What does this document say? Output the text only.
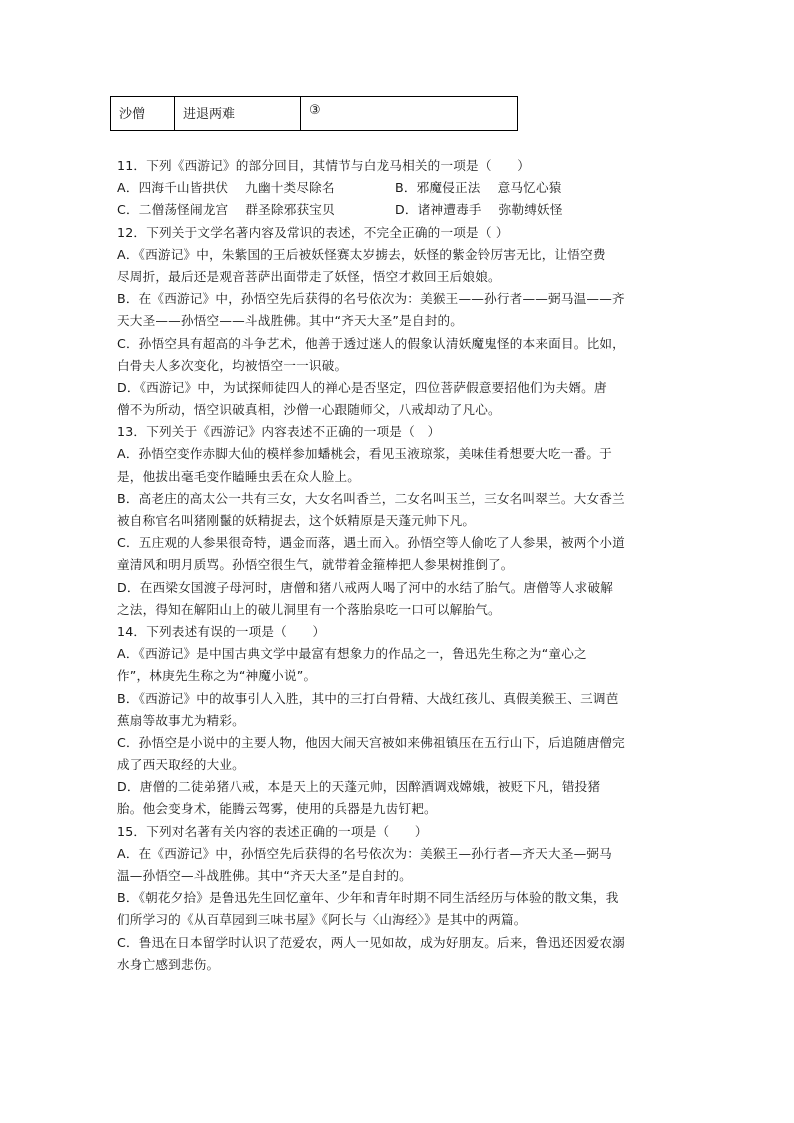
沙僧	进退两难	③
11．下列《西游记》的部分回目，其情节与白龙马相关的一项是（　　）
A．四海千山皆拱伏　 九幽十类尽除名	B．邪魔侵正法　 意马忆心猿
C．二僧荡怪闹龙宫　 群圣除邪获宝贝	D．诸神遭毒手　 弥勒缚妖怪
12．下列关于文学名著内容及常识的表述，不完全正确的一项是（ ）
A．《西游记》中，朱紫国的王后被妖怪赛太岁掳去，妖怪的紫金铃厉害无比，让悟空费
尽周折，最后还是观音菩萨出面带走了妖怪，悟空才救回王后娘娘。
B．在《西游记》中，孙悟空先后获得的名号依次为：美猴王——孙行者——弼马温——齐
天大圣——孙悟空——斗战胜佛。其中“齐天大圣”是自封的。
C．孙悟空具有超高的斗争艺术，他善于透过迷人的假象认清妖魔鬼怪的本来面目。比如，
白骨夫人多次变化，均被悟空一一识破。
D．《西游记》中，为试探师徒四人的禅心是否坚定，四位菩萨假意要招他们为夫婿。唐
僧不为所动，悟空识破真相，沙僧一心跟随师父，八戒却动了凡心。
13．下列关于《西游记》内容表述不正确的一项是（　）
A．孙悟空变作赤脚大仙的模样参加蟠桃会，看见玉液琼浆，美味佳肴想要大吃一番。于
是，他拔出毫毛变作瞌睡虫丢在众人脸上。
B．高老庄的高太公一共有三女，大女名叫香兰，二女名叫玉兰，三女名叫翠兰。大女香兰
被自称官名叫猪刚鬣的妖精捉去，这个妖精原是天蓬元帅下凡。
C．五庄观的人参果很奇特，遇金而落，遇土而入。孙悟空等人偷吃了人参果，被两个小道
童清风和明月质骂。孙悟空很生气，就带着金箍棒把人参果树推倒了。
D．在西梁女国渡子母河时，唐僧和猪八戒两人喝了河中的水结了胎气。唐僧等人求破解
之法，得知在解阳山上的破儿洞里有一个落胎泉吃一口可以解胎气。
14．下列表述有误的一项是（　　）
A．《西游记》是中国古典文学中最富有想象力的作品之一，鲁迅先生称之为“童心之
作”，林庚先生称之为“神魔小说”。
B．《西游记》中的故事引人入胜，其中的三打白骨精、大战红孩儿、真假美猴王、三调芭
蕉扇等故事尤为精彩。
C．孙悟空是小说中的主要人物，他因大闹天宫被如来佛祖镇压在五行山下，后追随唐僧完
成了西天取经的大业。
D．唐僧的二徒弟猪八戒，本是天上的天蓬元帅，因醉酒调戏嫦娥，被贬下凡，错投猪
胎。他会变身术，能腾云驾雾，使用的兵器是九齿钉耙。
15．下列对名著有关内容的表述正确的一项是（　　）
A．在《西游记》中，孙悟空先后获得的名号依次为：美猴王—孙行者—齐天大圣—弼马
温—孙悟空—斗战胜佛。其中“齐天大圣”是自封的。
B．《朝花夕拾》是鲁迅先生回忆童年、少年和青年时期不同生活经历与体验的散文集，我
们所学习的《从百草园到三味书屋》《阿长与〈山海经〉》是其中的两篇。
C．鲁迅在日本留学时认识了范爱农，两人一见如故，成为好朋友。后来，鲁迅还因爱农溺
水身亡感到悲伤。
